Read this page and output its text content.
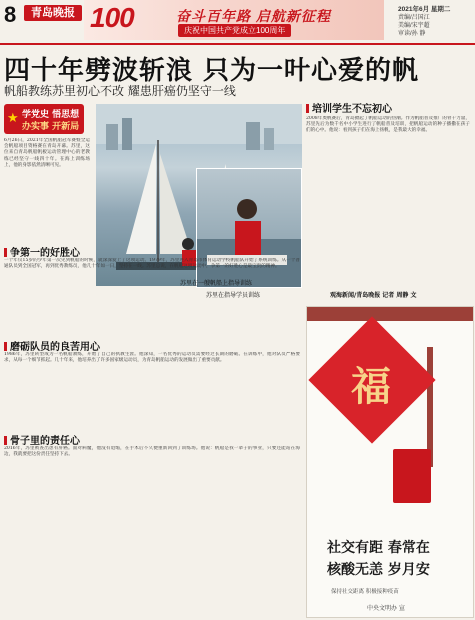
8	青岛晚报 100	奋斗百年路 启航新征程
庆祝中国共产党成立100周年
2021年6月 星期二
责编/吕国江
美编/宋宇超
审读/孙 静
四十年劈波斩浪 只为一叶心爱的帆
帆船教练苏里初心不改 耀患肝癌仍坚守一线
★ 学党史 悟思想
办实事 开新局
6月26日，2021年全国帆船冠军赛暨全运会帆船项目资格赛在青岛开幕。苏里，这位来自青岛帆船帆板运动管理中心的老教练已经坚守一线四十年。在海上训练场上，他的身影依然清晰可见。
苏里在一艘帆船上指导训练
苏里在指导学员训练
争第一的好胜心
一个年仅15岁的少年第一次见到帆船的时候，就深深爱上了这项运动。1979年，苏里进入青岛市体育运动学校帆船队开始了系统训练。从一个普通队员到全国冠军，再到优秀教练员，他几十年如一日，坚持在一线。苏里总说，在帆船这项运动中，争第一的好胜心是最宝贵的精神。
磨砺队员的良苦用心
1986年，苏里转型成为一名帆船教练，开始了自己的执教生涯。他深知，一名优秀的运动员需要经过长期的磨砺。在训练中，他对队员严格要求，从每一个细节抓起。几十年来，他培养出了许多国家级运动员，为青岛帆船运动的发展做出了重要贡献。
骨子里的责任心
2016年，苏里被查出患有肝癌。面对病魔，他没有退缩，在手术后不久便重新回到了训练场。他说：帆船是我一辈子的事业，只要还能站在海边，我就要把这份责任坚持下去。
培训学生不忘初心
2008年奥帆赛后，青岛掀起了帆船运动的热潮。作为帆船普及推广的骨干力量，苏里先后为数千名中小学生进行了帆船普及培训，把帆船运动的种子播撒在孩子们的心中。他说：看到孩子们在海上扬帆，是我最大的幸福。
观海新闻/青岛晚报 记者 周静 文
福
社交有距 春常在
核酸无恙 岁月安
保持社交距离 积极接种疫苗
中央文明办 宣
